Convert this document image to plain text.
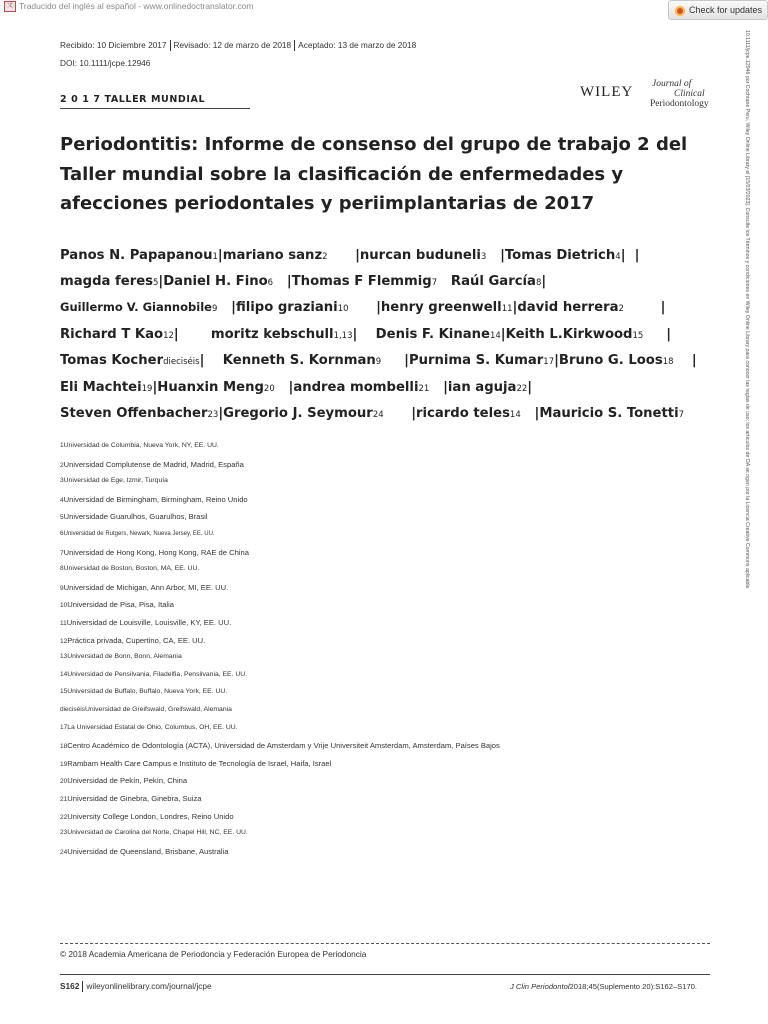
文 Traducido del inglés al español - www.onlinedoctranslator.com	Check for updates
Recibido: 10 Diciembre 2017 Revisado: 12 de marzo de 2018 Aceptado: 13 de marzo de 2018
DOI: 10.1111/jcpe.12946
2 0 1 7 TALLER MUNDIAL	WILEY Journal of
Clinical
Periodontology
Periodontitis: Informe de consenso del grupo de trabajo 2 del Taller mundial sobre la clasificación de enfermedades y afecciones periodontales y periimplantarias de 2017
Panos N. Papapanou1|mariano sanz2      |nurcan buduneli3   |Tomas Dietrich4|  |
magda feres5|Daniel H. Fino6   |Thomas F Flemmig7   Raúl García8|
Guillermo V. Giannobile9   |filipo graziani10      |henry greenwell11|david herrera2        |
Richard T Kao12|       moritz kebschull1,13|    Denis F. Kinane14|Keith L.Kirkwood15     |
Tomas Kocherdieciséis|    Kenneth S. Kornman9     |Purnima S. Kumar17|Bruno G. Loos18    |
Eli Machtei19|Huanxin Meng20   |andrea mombelli21   |ian aguja22|
Steven Offenbacher23|Gregorio J. Seymour24      |ricardo teles14   |Mauricio S. Tonetti7
1Universidad de Columbia, Nueva York, NY, EE. UU.
2Universidad Complutense de Madrid, Madrid, España
3Universidad de Ege, Izmir, Turquía
4Universidad de Birmingham, Birmingham, Reino Unido
5Universidade Guarulhos, Guarulhos, Brasil
6Universidad de Rutgers, Newark, Nueva Jersey, EE. UU.
7Universidad de Hong Kong, Hong Kong, RAE de China
8Universidad de Boston, Boston, MA, EE. UU.
9Universidad de Michigan, Ann Arbor, MI, EE. UU.
10Universidad de Pisa, Pisa, Italia
11Universidad de Louisville, Louisville, KY, EE. UU.
12Práctica privada, Cupertino, CA, EE. UU.
13Universidad de Bonn, Bonn, Alemania
14Universidad de Pensilvania, Filadelfia, Pensilvania, EE. UU.
15Universidad de Buffalo, Buffalo, Nueva York, EE. UU.
dieciséisUniversidad de Greifswald, Greifswald, Alemania
17La Universidad Estatal de Ohio, Columbus, OH, EE. UU.
18Centro Académico de Odontología (ACTA), Universidad de Amsterdam y Vrije Universiteit Amsterdam, Amsterdam, Países Bajos
19Rambam Health Care Campus e Instituto de Tecnología de Israel, Haifa, Israel
20Universidad de Pekín, Pekín, China
21Universidad de Ginebra, Ginebra, Suiza
22University College London, Londres, Reino Unido
23Universidad de Carolina del Norte, Chapel Hill, NC, EE. UU.
24Universidad de Queensland, Brisbane, Australia
© 2018 Academia Americana de Periodoncia y Federación Europea de Periodoncia
S162 wileyonlinelibrary.com/journal/jcpe	J Clin Periodontol2018;45(Suplemento 20):S162–S170.
10.1111/jcpe.12946 por Cochrane Peru, Wiley Online Library el [15/03/2023]. Consulte los Términos y condiciones en Wiley Online Library para conocer las reglas de uso; los artículos de OA se rigen por la Licencia Creative Commons aplicable
